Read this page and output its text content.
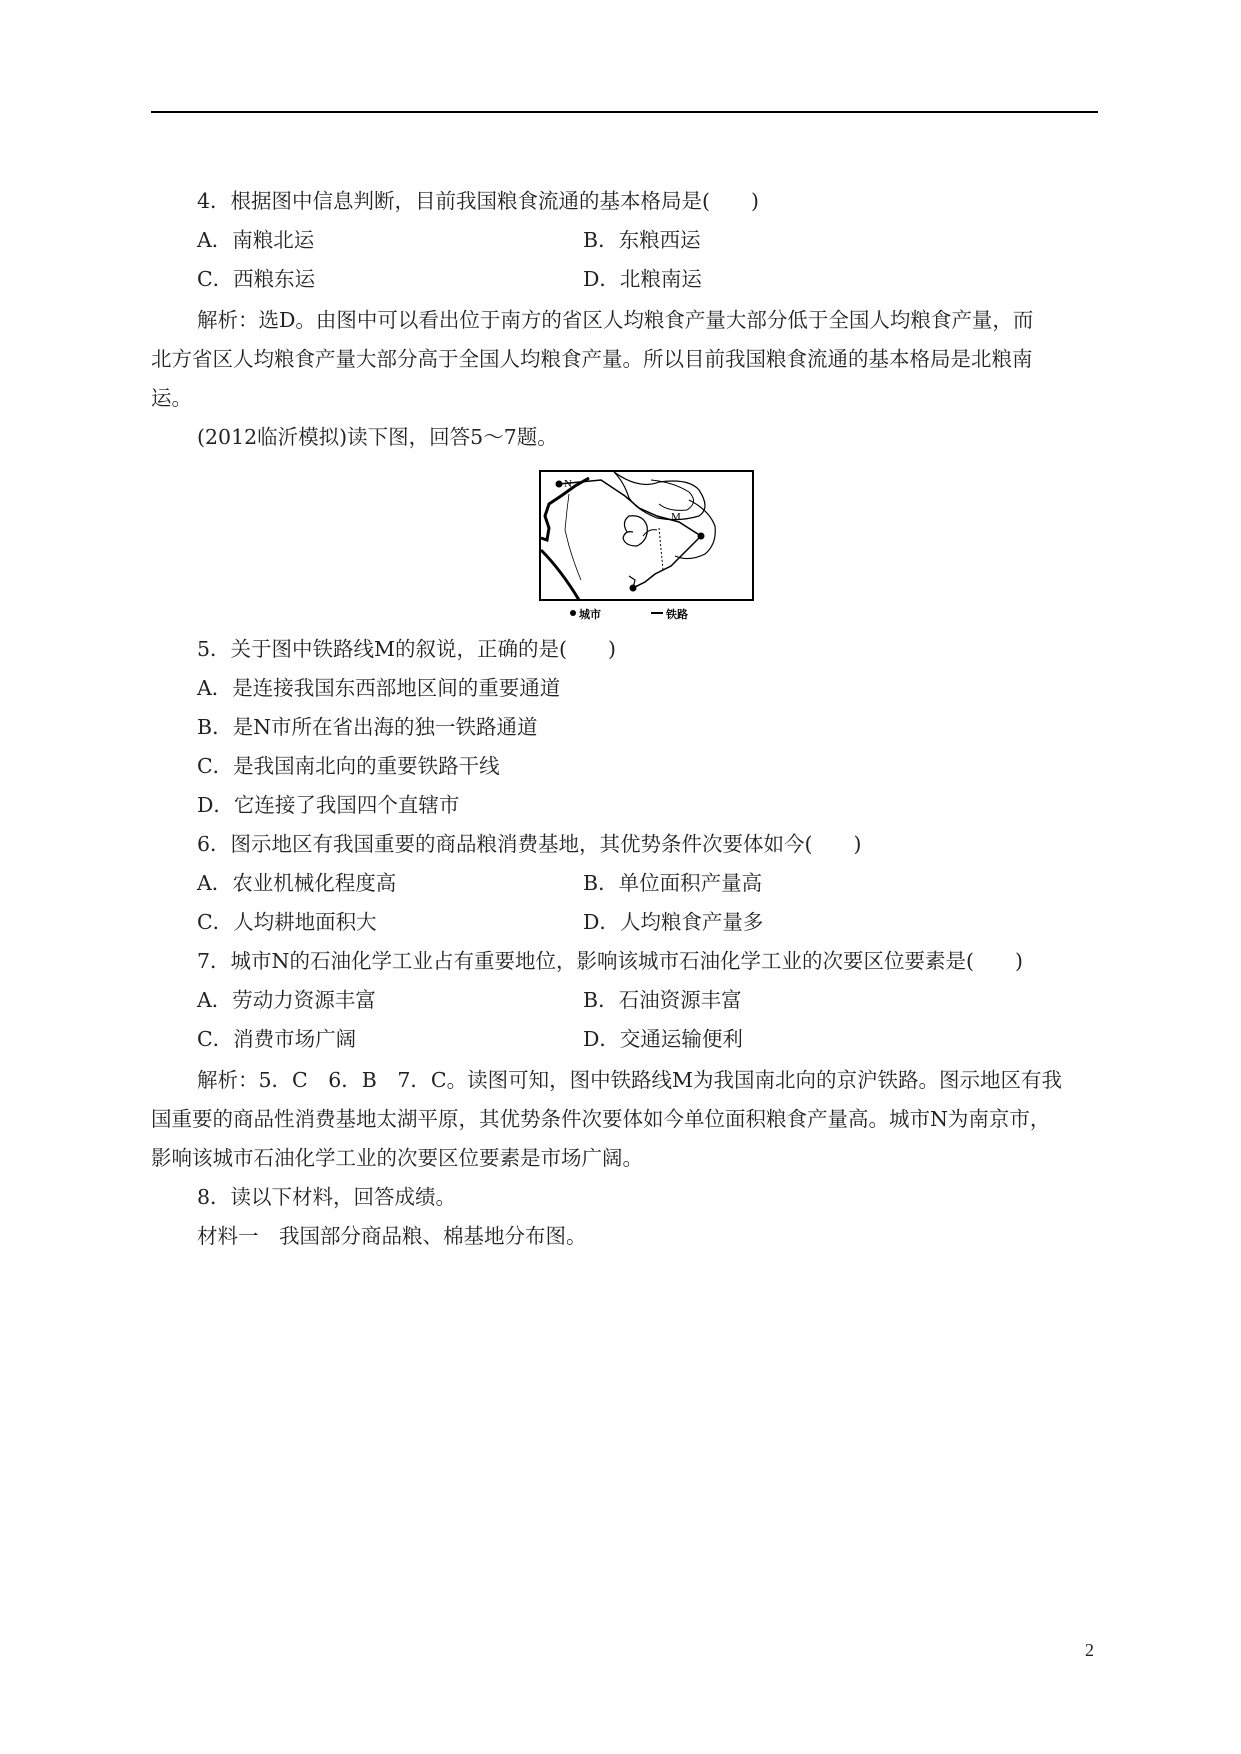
4．根据图中信息判断，目前我国粮食流通的基本格局是(　　)
A．南粮北运	B．东粮西运
C．西粮东运	D．北粮南运
解析：选D。由图中可以看出位于南方的省区人均粮食产量大部分低于全国人均粮食产量，而
北方省区人均粮食产量大部分高于全国人均粮食产量。所以目前我国粮食流通的基本格局是北粮南
运。
(2012临沂模拟)读下图，回答5～7题。
N
M
城市	铁路
5．关于图中铁路线M的叙说，正确的是(　　)
A．是连接我国东西部地区间的重要通道
B．是N市所在省出海的独一铁路通道
C．是我国南北向的重要铁路干线
D．它连接了我国四个直辖市
6．图示地区有我国重要的商品粮消费基地，其优势条件次要体如今(　　)
A．农业机械化程度高	B．单位面积产量高
C．人均耕地面积大	D．人均粮食产量多
7．城市N的石油化学工业占有重要地位，影响该城市石油化学工业的次要区位要素是(　　)
A．劳动力资源丰富	B．石油资源丰富
C．消费市场广阔	D．交通运输便利
解析：5．C　6．B　7．C。读图可知，图中铁路线M为我国南北向的京沪铁路。图示地区有我
国重要的商品性消费基地太湖平原，其优势条件次要体如今单位面积粮食产量高。城市N为南京市，
影响该城市石油化学工业的次要区位要素是市场广阔。
8．读以下材料，回答成绩。
材料一　我国部分商品粮、棉基地分布图。
2
